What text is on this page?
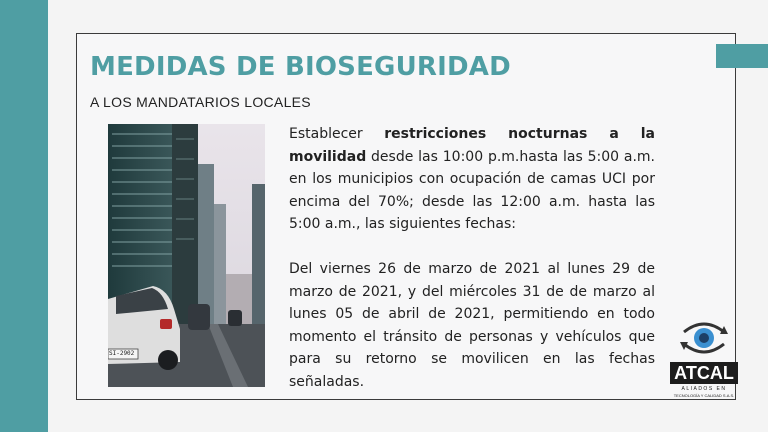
MEDIDAS DE BIOSEGURIDAD
A LOS MANDATARIOS LOCALES
SI-2902

Establecer restricciones nocturnas a la movilidad desde las 10:00 p.m.hasta las 5:00 a.m. en los municipios con ocupación de camas UCI por encima del 70%; desde las 12:00 a.m. hasta las 5:00 a.m., las siguientes fechas:

Del viernes 26 de marzo de 2021 al lunes 29 de marzo de 2021, y del miércoles 31 de de marzo al lunes 05 de abril de 2021, permitiendo en todo momento el tránsito de personas y vehículos que para su retorno se movilicen en las fechas señaladas.	ATCAL
ALIADOS EN
TECNOLOGÍA Y CALIDAD S.A.S.
